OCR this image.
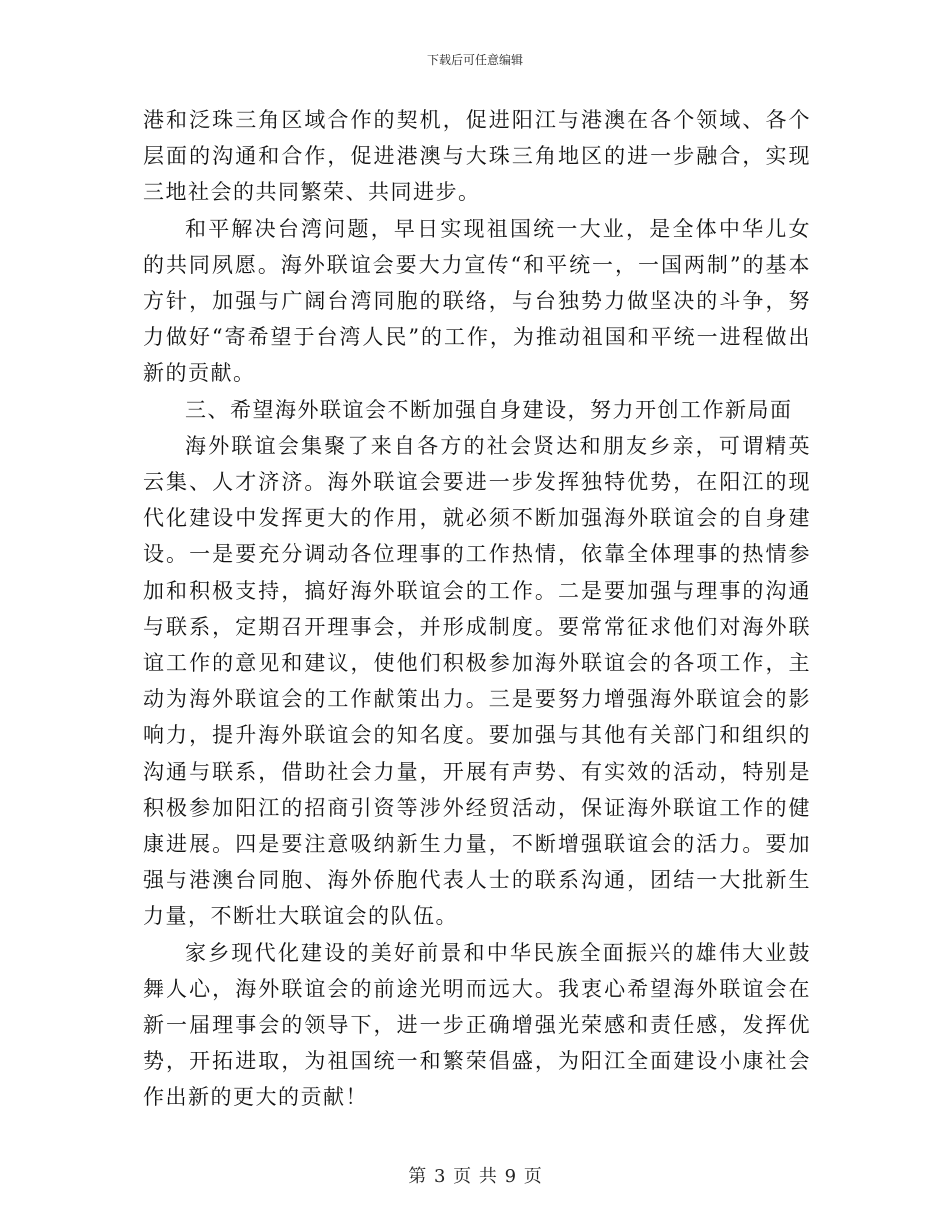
下载后可任意编辑

港和泛珠三角区域合作的契机，促进阳江与港澳在各个领域、各个层面的沟通和合作，促进港澳与大珠三角地区的进一步融合，实现三地社会的共同繁荣、共同进步。

和平解决台湾问题，早日实现祖国统一大业，是全体中华儿女的共同夙愿。海外联谊会要大力宣传“和平统一，一国两制”的基本方针，加强与广阔台湾同胞的联络，与台独势力做坚决的斗争，努力做好“寄希望于台湾人民”的工作，为推动祖国和平统一进程做出新的贡献。

三、希望海外联谊会不断加强自身建设，努力开创工作新局面

海外联谊会集聚了来自各方的社会贤达和朋友乡亲，可谓精英云集、人才济济。海外联谊会要进一步发挥独特优势，在阳江的现代化建设中发挥更大的作用，就必须不断加强海外联谊会的自身建设。一是要充分调动各位理事的工作热情，依靠全体理事的热情参加和积极支持，搞好海外联谊会的工作。二是要加强与理事的沟通与联系，定期召开理事会，并形成制度。要常常征求他们对海外联谊工作的意见和建议，使他们积极参加海外联谊会的各项工作，主动为海外联谊会的工作献策出力。三是要努力增强海外联谊会的影响力，提升海外联谊会的知名度。要加强与其他有关部门和组织的沟通与联系，借助社会力量，开展有声势、有实效的活动，特别是积极参加阳江的招商引资等涉外经贸活动，保证海外联谊工作的健康进展。四是要注意吸纳新生力量，不断增强联谊会的活力。要加强与港澳台同胞、海外侨胞代表人士的联系沟通，团结一大批新生力量，不断壮大联谊会的队伍。

家乡现代化建设的美好前景和中华民族全面振兴的雄伟大业鼓舞人心，海外联谊会的前途光明而远大。我衷心希望海外联谊会在新一届理事会的领导下，进一步正确增强光荣感和责任感，发挥优势，开拓进取，为祖国统一和繁荣倡盛，为阳江全面建设小康社会作出新的更大的贡献！

第 3 页 共 9 页
